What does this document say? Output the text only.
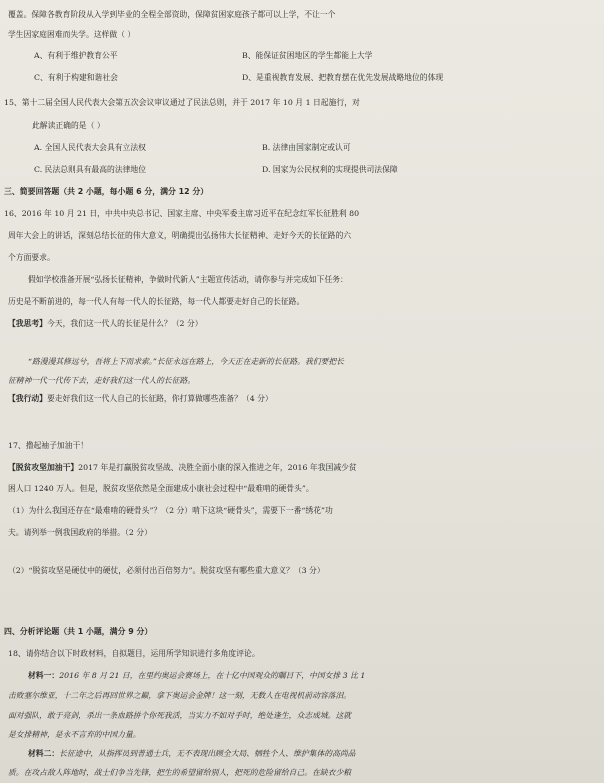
覆盖。保障各教育阶段从入学到毕业的全程全部资助，保障贫困家庭孩子都可以上学，不让一个
学生因家庭困难而失学。这样做（ ）
A、有利于维护教育公平	B、能保证贫困地区的学生都能上大学
C、有利于构建和谐社会	D、是重视教育发展、把教育摆在优先发展战略地位的体现
15、第十二届全国人民代表大会第五次会议审议通过了民法总则，并于 2017 年 10 月 1 日起施行，对
此解读正确的是（ ）
A. 全国人民代表大会具有立法权	B. 法律由国家制定或认可
C. 民法总则具有最高的法律地位	D. 国家为公民权利的实现提供司法保障
三、简要回答题（共 2 小题，每小题 6 分，满分 12 分）
16、2016 年 10 月 21 日，中共中央总书记、国家主席、中央军委主席习近平在纪念红军长征胜利 80
周年大会上的讲话，深刻总结长征的伟大意义，明确提出弘扬伟大长征精神、走好今天的长征路的六
个方面要求。
假如学校准备开展“弘扬长征精神，争做时代新人”主题宣传活动，请你参与并完成如下任务：
历史是不断前进的，每一代人有每一代人的长征路，每一代人都要走好自己的长征路。
【我思考】今天，我们这一代人的长征是什么？（2 分）
“路漫漫其修远兮，吾将上下而求索。”长征永远在路上，今天正在走新的长征路。我们要把长
征精神一代一代传下去，走好我们这一代人的长征路。
【我行动】要走好我们这一代人自己的长征路，你打算做哪些准备？（4 分）
17、撸起袖子加油干！
【脱贫攻坚加油干】2017 年是打赢脱贫攻坚战、决胜全面小康的深入推进之年，2016 年我国减少贫
困人口 1240 万人。但是，脱贫攻坚依然是全面建成小康社会过程中“最难啃的硬骨头”。
（1）为什么我国还存在“最难啃的硬骨头”？（2 分）啃下这块“硬骨头”，需要下一番“绣花”功
夫。请列举一例我国政府的举措。（2 分）
（2）“脱贫攻坚是硬仗中的硬仗，必须付出百倍努力”。脱贫攻坚有哪些重大意义？（3 分）
四、分析评论题（共 1 小题，满分 9 分）
18、请你结合以下时政材料，自拟题目，运用所学知识进行多角度评论。
材料一：2016 年 8 月 21 日，在里约奥运会赛场上，在十亿中国观众的瞩目下，中国女排 3 比 1
击败塞尔维亚，十二年之后再回世界之巅，拿下奥运会金牌！这一刻，无数人在电视机前动容落泪。
面对强队，敢于亮剑，杀出一条血路拼个你死我活，当实力不如对手时，绝处逢生，众志成城。这就
是女排精神，是永不言弃的中国力量。
材料二：长征途中，从指挥员到普通士兵，无不表现出顾全大局、牺牲个人、维护集体的高尚品
质。在攻占敌人阵地时，战士们争当先锋，把生的希望留给别人，把死的危险留给自己。在缺衣少粮
